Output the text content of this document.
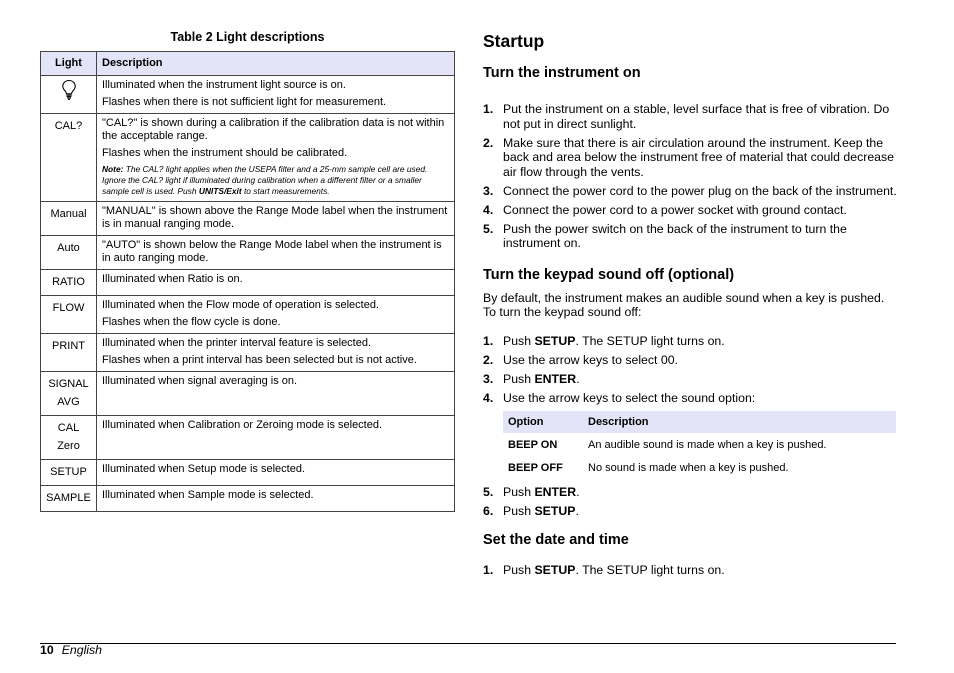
Table 2 Light descriptions
Light	Description

Illuminated when the instrument light source is on.

Flashes when there is not sufficient light for measurement.

CAL?	"CAL?" is shown during a calibration if the calibration data is not within the acceptable range.

Flashes when the instrument should be calibrated.

Note: The CAL? light applies when the USEPA filter and a 25-mm sample cell are used. Ignore the CAL? light if illuminated during calibration when a different filter or a smaller sample cell is used. Push UNITS/Exit to start measurements.

Manual	"MANUAL" is shown above the Range Mode label when the instrument is in manual ranging mode.

Auto	"AUTO" is shown below the Range Mode label when the instrument is in auto ranging mode.

RATIO	Illuminated when Ratio is on.

FLOW	Illuminated when the Flow mode of operation is selected.

Flashes when the flow cycle is done.

PRINT	Illuminated when the printer interval feature is selected.

Flashes when a print interval has been selected but is not active.

SIGNAL
AVG	Illuminated when signal averaging is on.

CAL
Zero	Illuminated when Calibration or Zeroing mode is selected.

SETUP	Illuminated when Setup mode is selected.

SAMPLE	Illuminated when Sample mode is selected.

Startup
Turn the instrument on
1. Put the instrument on a stable, level surface that is free of vibration. Do not put in direct sunlight.
2. Make sure that there is air circulation around the instrument. Keep the back and area below the instrument free of material that could decrease air flow through the vents.
3. Connect the power cord to the power plug on the back of the instrument.
4. Connect the power cord to a power socket with ground contact.
5. Push the power switch on the back of the instrument to turn the instrument on.
Turn the keypad sound off (optional)

By default, the instrument makes an audible sound when a key is pushed. To turn the keypad sound off:

1. Push SETUP. The SETUP light turns on.
2. Use the arrow keys to select 00.
3. Push ENTER.
4. Use the arrow keys to select the sound option:
Option	Description
BEEP ON	An audible sound is made when a key is pushed.
BEEP OFF	No sound is made when a key is pushed.
5. Push ENTER.
6. Push SETUP.
Set the date and time
1. Push SETUP. The SETUP light turns on.
10 English
